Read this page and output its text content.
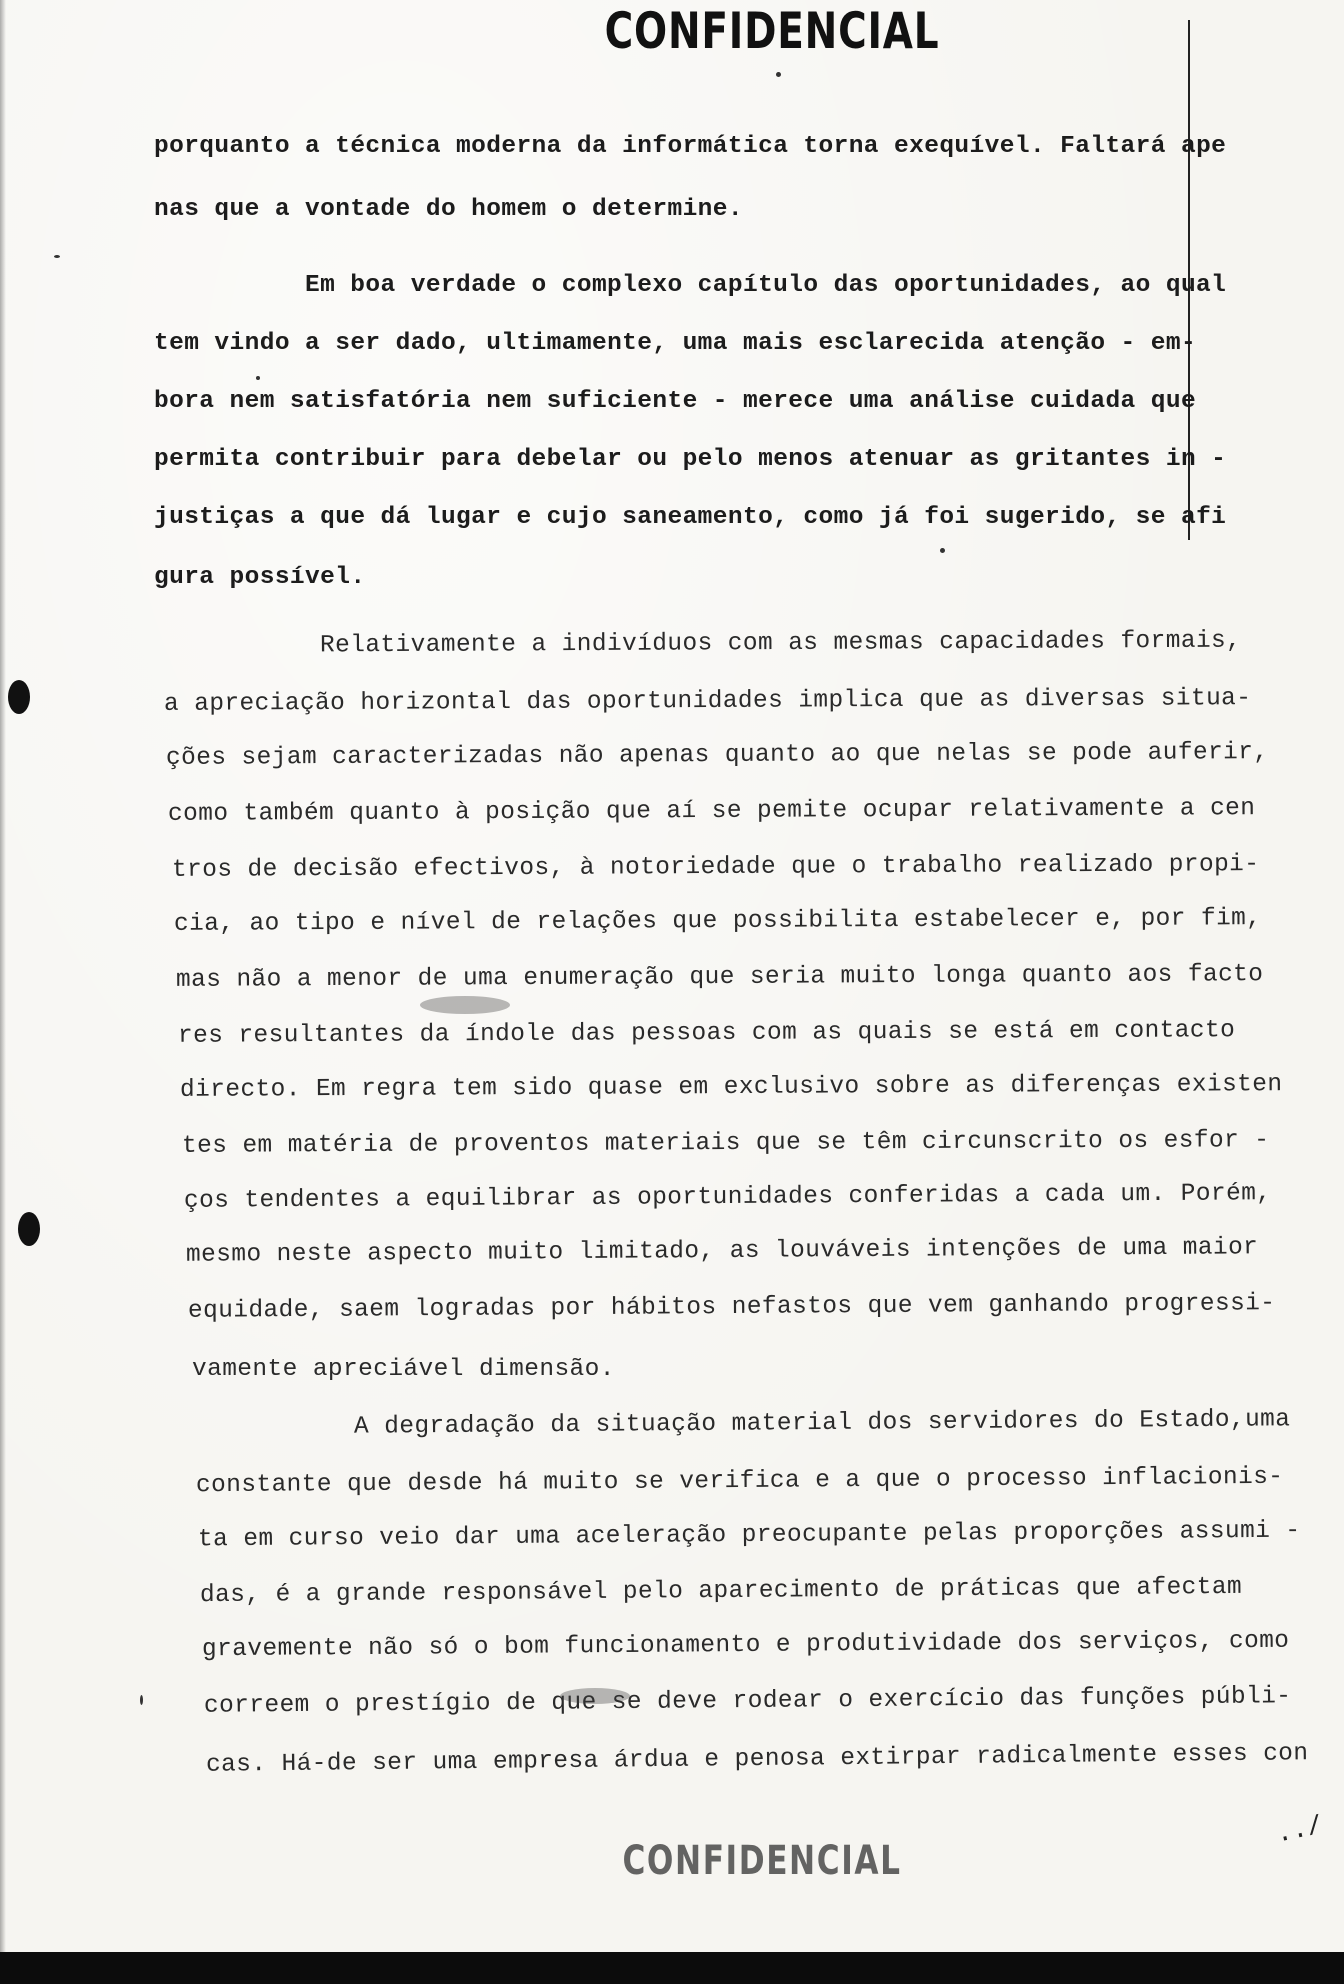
CONFIDENCIAL
porquanto a técnica moderna da informática torna exequível. Faltará ape
nas que a vontade do homem o determine.
Em boa verdade o complexo capítulo das oportunidades, ao qual
tem vindo a ser dado, ultimamente, uma mais esclarecida atenção - em-
bora nem satisfatória nem suficiente - merece uma análise cuidada que
permita contribuir para debelar ou pelo menos atenuar as gritantes in -
justiças a que dá lugar e cujo saneamento, como já foi sugerido, se afi
gura possível.
Relativamente a indivíduos com as mesmas capacidades formais,
a apreciação horizontal das oportunidades implica que as diversas situa-
ções sejam caracterizadas não apenas quanto ao que nelas se pode auferir,
como também quanto à posição que aí se pemite ocupar relativamente a cen
tros de decisão efectivos, à notoriedade que o trabalho realizado propi-
cia, ao tipo e nível de relações que possibilita estabelecer e, por fim,
mas não a menor de uma enumeração que seria muito longa quanto aos facto
res resultantes da índole das pessoas com as quais se está em contacto
directo. Em regra tem sido quase em exclusivo sobre as diferenças existen
tes em matéria de proventos materiais que se têm circunscrito os esfor -
ços tendentes a equilibrar as oportunidades conferidas a cada um. Porém,
mesmo neste aspecto muito limitado, as louváveis intenções de uma maior
equidade, saem logradas por hábitos nefastos que vem ganhando progressi-
vamente apreciável dimensão.
A degradação da situação material dos servidores do Estado,uma
constante que desde há muito se verifica e a que o processo inflacionis-
ta em curso veio dar uma aceleração preocupante pelas proporções assumi -
das, é a grande responsável pelo aparecimento de práticas que afectam
gravemente não só o bom funcionamento e produtividade dos serviços, como
correem o prestígio de que se deve rodear o exercício das funções públi-
cas. Há-de ser uma empresa árdua e penosa extirpar radicalmente esses con
../
CONFIDENCIAL
